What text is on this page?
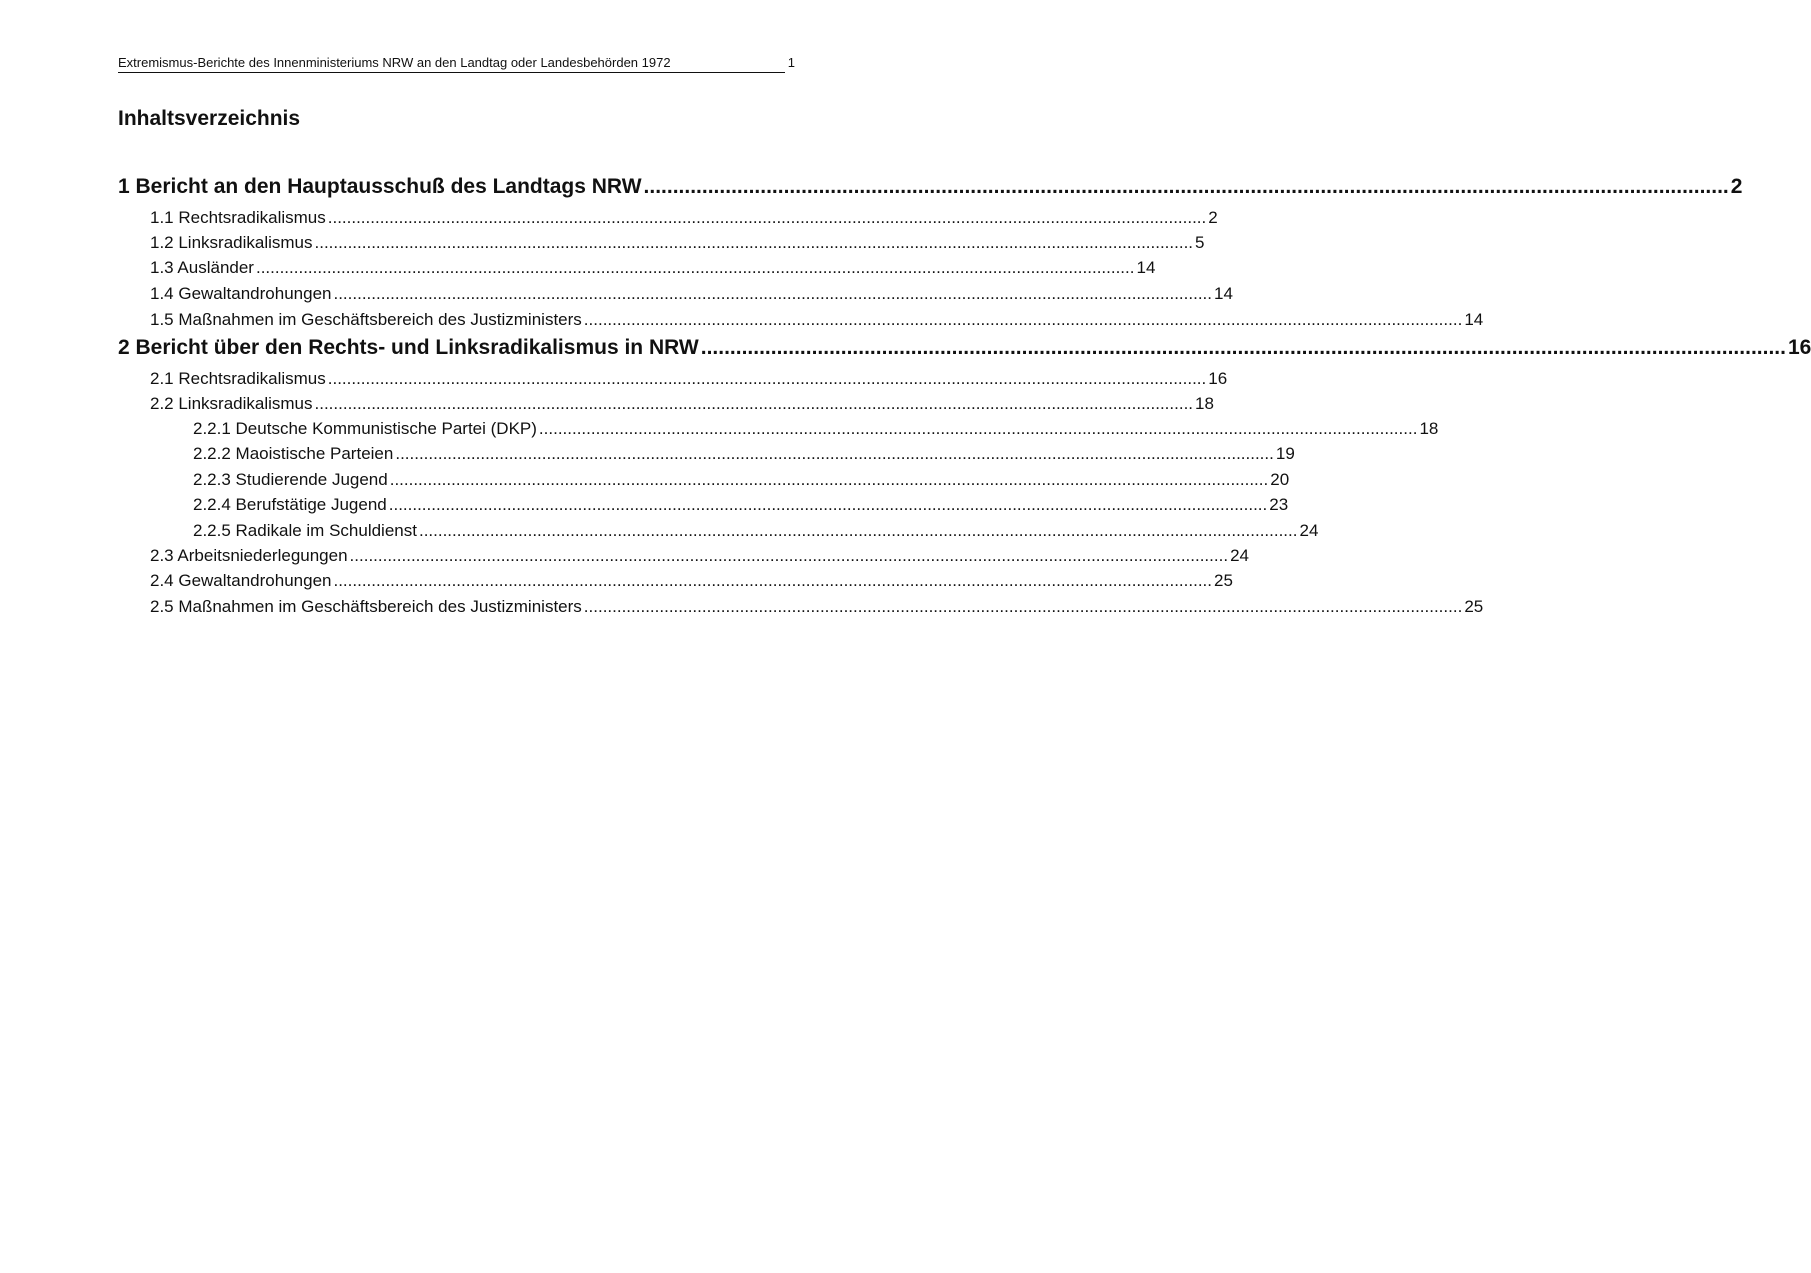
Extremismus-Berichte des Innenministeriums NRW an den Landtag oder Landesbehörden 1972	1
Inhaltsverzeichnis
1 Bericht an den Hauptausschuß des Landtags NRW .......................................................................................................................................................................................... 2
1.1 Rechtsradikalismus .......................................................................................................................................................................................... 2
1.2 Linksradikalismus .......................................................................................................................................................................................... 5
1.3 Ausländer .......................................................................................................................................................................................... 14
1.4 Gewaltandrohungen .......................................................................................................................................................................................... 14
1.5 Maßnahmen im Geschäftsbereich des Justizministers .......................................................................................................................................................................................... 14
2 Bericht über den Rechts- und Linksradikalismus in NRW .......................................................................................................................................................................................... 16
2.1 Rechtsradikalismus .......................................................................................................................................................................................... 16
2.2 Linksradikalismus .......................................................................................................................................................................................... 18
2.2.1 Deutsche Kommunistische Partei (DKP) .......................................................................................................................................................................................... 18
2.2.2 Maoistische Parteien .......................................................................................................................................................................................... 19
2.2.3 Studierende Jugend .......................................................................................................................................................................................... 20
2.2.4 Berufstätige Jugend .......................................................................................................................................................................................... 23
2.2.5 Radikale im Schuldienst .......................................................................................................................................................................................... 24
2.3 Arbeitsniederlegungen .......................................................................................................................................................................................... 24
2.4 Gewaltandrohungen .......................................................................................................................................................................................... 25
2.5 Maßnahmen im Geschäftsbereich des Justizministers .......................................................................................................................................................................................... 25
